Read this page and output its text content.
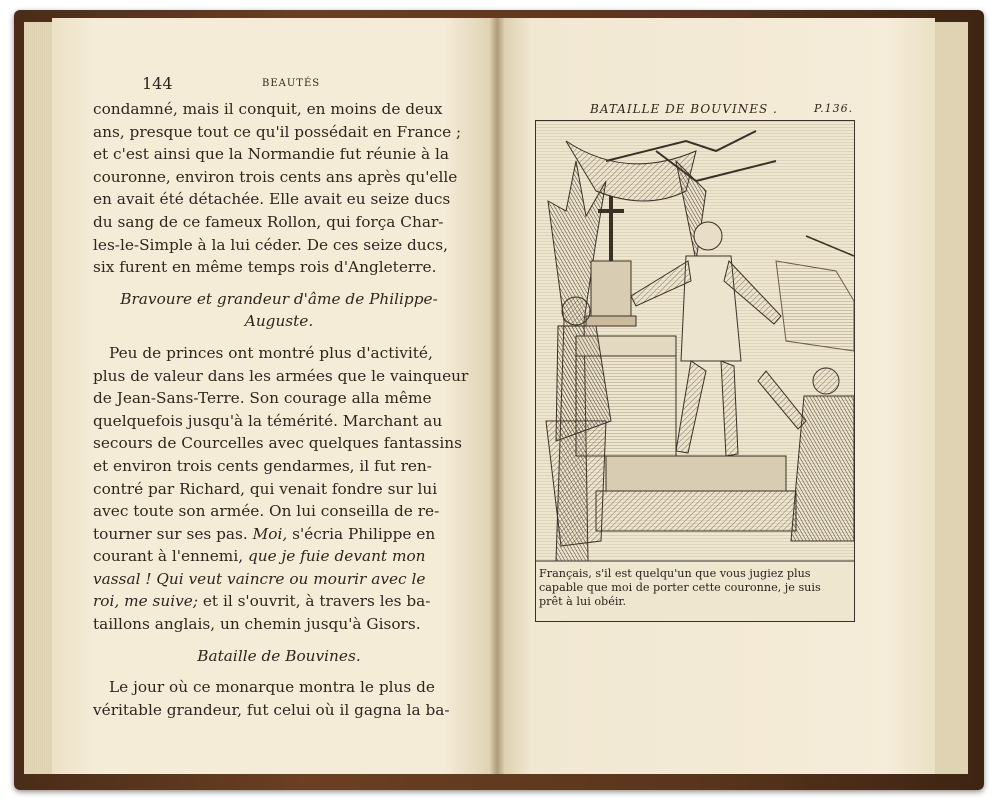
144	BEAUTÉS
condamné, mais il conquit, en moins de deux
ans, presque tout ce qu'il possédait en France ;
et c'est ainsi que la Normandie fut réunie à la
couronne, environ trois cents ans après qu'elle
en avait été détachée. Elle avait eu seize ducs
du sang de ce fameux Rollon, qui força Char-
les-le-Simple à la lui céder. De ces seize ducs,
six furent en même temps rois d'Angleterre.
Bravoure et grandeur d'âme de Philippe-
Auguste.
Peu de princes ont montré plus d'activité,
plus de valeur dans les armées que le vainqueur
de Jean-Sans-Terre. Son courage alla même
quelquefois jusqu'à la témérité. Marchant au
secours de Courcelles avec quelques fantassins
et environ trois cents gendarmes, il fut ren-
contré par Richard, qui venait fondre sur lui
avec toute son armée. On lui conseilla de re-
tourner sur ses pas. Moi, s'écria Philippe en
courant à l'ennemi, que je fuie devant mon
vassal ! Qui veut vaincre ou mourir avec le
roi, me suive; et il s'ouvrit, à travers les ba-
taillons anglais, un chemin jusqu'à Gisors.
Bataille de Bouvines.
Le jour où ce monarque montra le plus de
véritable grandeur, fut celui où il gagna la ba-
BATAILLE DE BOUVINES .	P.136.
Français, s'il est quelqu'un que vous jugiez plus
capable que moi de porter cette couronne, je suis
prêt à lui obéir.
